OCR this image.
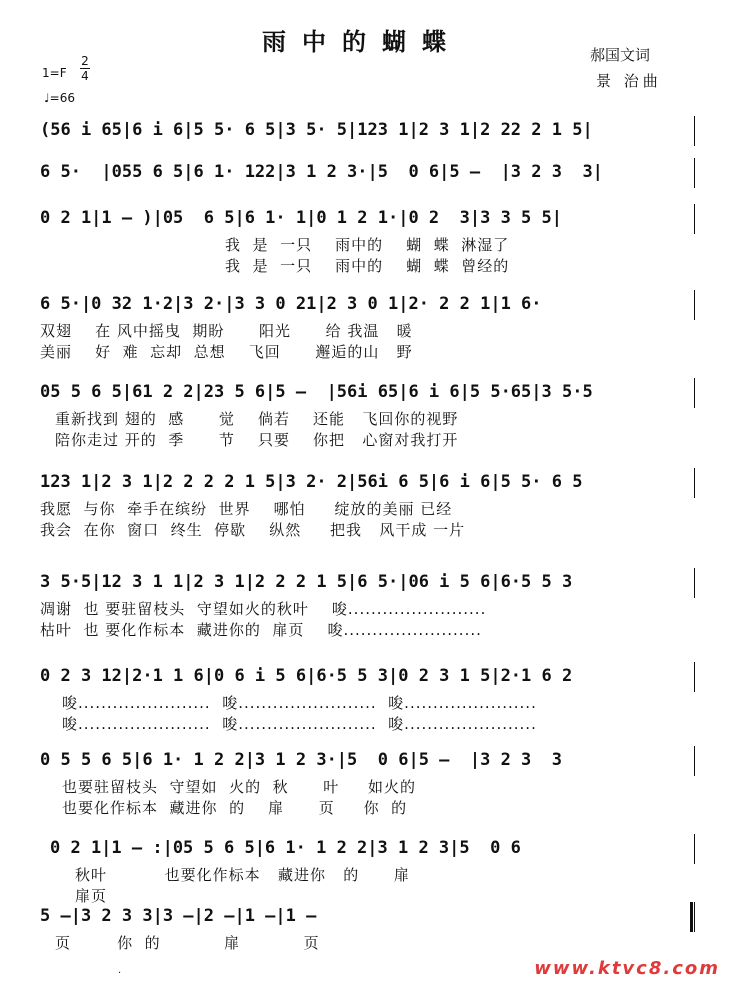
雨中的蝴蝶	郝国文词
景 治曲
1=F
2
4
♩=66
(56 i 65|6 i 6|5 5· 6 5|3 5· 5|123 1|2 3 1|2 22 2 1 5|
6 5·  |055 6 5|6 1· 122|3 1 2 3·|5  0 6|5 –  |3 2 3  3|
0 2 1|1 – )|05  6 5|6 1· 1|0 1 2 1·|0 2  3|3 3 5 5|
我  是  一只    雨中的    蝴  蝶  淋湿了
我  是  一只    雨中的    蝴  蝶  曾经的
6 5·|0 32 1·2|3 2·|3 3 0 21|2 3 0 1|2· 2 2 1|1 6·
双翅    在 风中摇曳  期盼      阳光      给 我温   暖
美丽    好  难  忘却  总想    飞回      邂逅的山   野
05 5 6 5|61 2 2|23 5 6|5 –  |56i 65|6 i 6|5 5·65|3 5·5
重新找到 翅的  感      觉    倘若    还能   飞回你的视野
陪你走过 开的  季      节    只要    你把   心窗对我打开
123 1|2 3 1|2 2 2 2 1 5|3 2· 2|56i 6 5|6 i 6|5 5· 6 5
我愿  与你  牵手在缤纷  世界    哪怕     绽放的美丽 已经
我会  在你  窗口  终生  停歇    纵然     把我   风干成 一片
3 5·5|12 3 1 1|2 3 1|2 2 2 1 5|6 5·|06 i 5 6|6·5 5 3
凋谢  也 要驻留枝头  守望如火的秋叶    唆........................
枯叶  也 要化作标本  藏进你的  扉页    唆........................
0 2 3 12|2·1 1 6|0 6 i 5 6|6·5 5 3|0 2 3 1 5|2·1 6 2
唆.......................  唆........................  唆.......................
唆.......................  唆........................  唆.......................
0 5 5 6 5|6 1· 1 2 2|3 1 2 3·|5  0 6|5 –  |3 2 3  3
也要驻留枝头  守望如  火的  秋      叶     如火的
也要化作标本  藏进你  的    扉      页     你  的
0 2 1|1 – :|05 5 6 5|6 1· 1 2 2|3 1 2 3|5  0 6
秋叶          也要化作标本   藏进你   的      扉
扉页
5 –|3 2 3 3|3 –|2 –|1 –|1 –
页        你  的           扉           页
·	www.ktvc8.com
